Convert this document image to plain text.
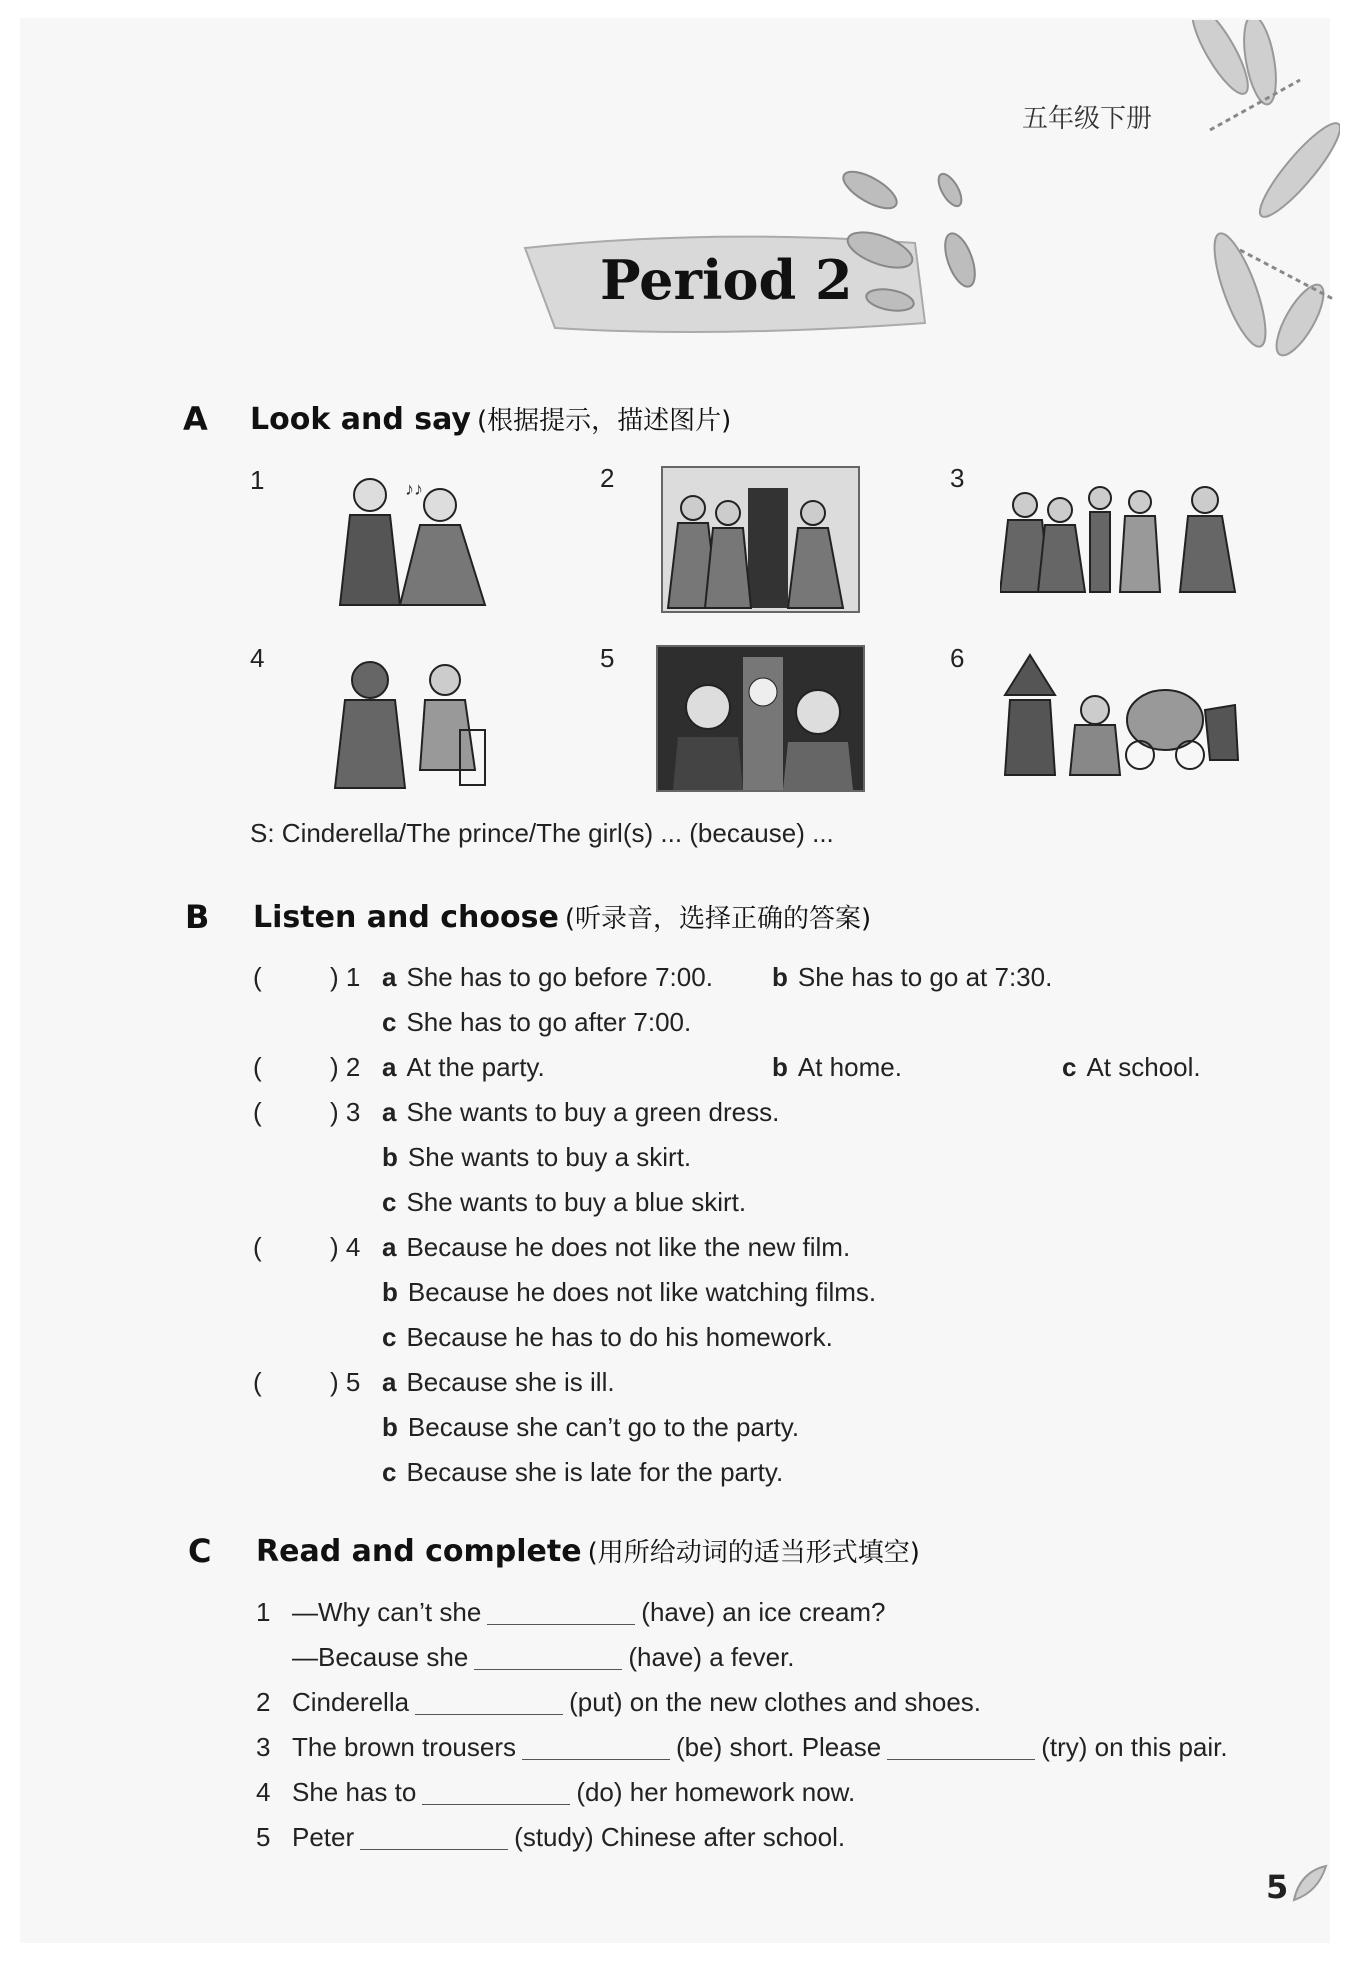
五年级下册
Period 2
A Look and say (根据提示，描述图片)
1	2	3
4	5	6
♪♪
S: Cinderella/The prince/The girl(s) ... (because) ...
B Listen and choose (听录音，选择正确的答案)
(	) 1 a She has to go before 7:00. b She has to go at 7:30.
c She has to go after 7:00.
(	) 2 a At the party.	b At home.	c At school.
(	) 3 a She wants to buy a green dress.
b She wants to buy a skirt.
c She wants to buy a blue skirt.
(	) 4 a Because he does not like the new film.
b Because he does not like watching films.
c Because he has to do his homework.
(	) 5 a Because she is ill.
b Because she can’t go to the party.
c Because she is late for the party.
C Read and complete (用所给动词的适当形式填空)
1 —Why can’t she	(have) an ice cream?
—Because she	(have) a fever.
2 Cinderella	(put) on the new clothes and shoes.
3 The brown trousers	(be) short. Please	(try) on this pair.
4 She has to	(do) her homework now.
5 Peter	(study) Chinese after school.
5
